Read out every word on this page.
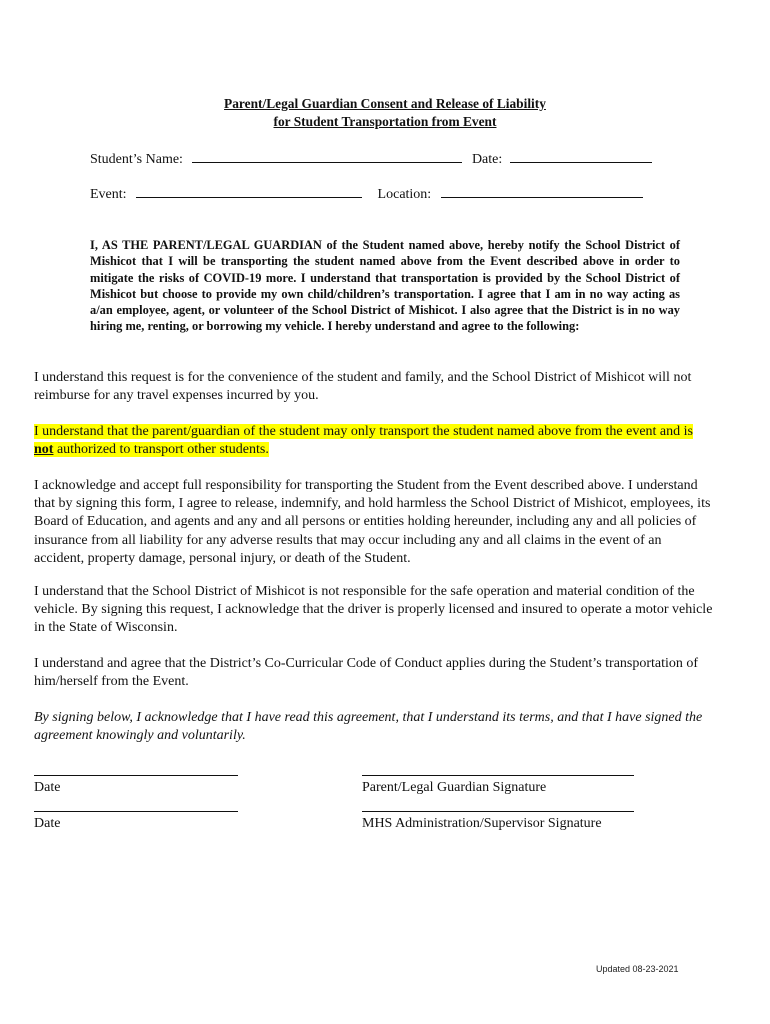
Parent/Legal Guardian Consent and Release of Liability
for Student Transportation from Event
Student’s Name:	Date:
Event:	Location:
I, AS THE PARENT/LEGAL GUARDIAN of the Student named above, hereby notify the School District of Mishicot that I will be transporting the student named above from the Event described above in order to mitigate the risks of COVID-19 more. I understand that transportation is provided by the School District of Mishicot but choose to provide my own child/children’s transportation. I agree that I am in no way acting as a/an employee, agent, or volunteer of the School District of Mishicot. I also agree that the District is in no way hiring me, renting, or borrowing my vehicle. I hereby understand and agree to the following:
I understand this request is for the convenience of the student and family, and the School District of Mishicot will not reimburse for any travel expenses incurred by you.
I understand that the parent/guardian of the student may only transport the student named above from the event and is not authorized to transport other students.
I acknowledge and accept full responsibility for transporting the Student from the Event described above. I understand that by signing this form, I agree to release, indemnify, and hold harmless the School District of Mishicot, employees, its Board of Education, and agents and any and all persons or entities holding hereunder, including any and all policies of insurance from all liability for any adverse results that may occur including any and all claims in the event of an accident, property damage, personal injury, or death of the Student.
I understand that the School District of Mishicot is not responsible for the safe operation and material condition of the vehicle. By signing this request, I acknowledge that the driver is properly licensed and insured to operate a motor vehicle in the State of Wisconsin.
I understand and agree that the District’s Co-Curricular Code of Conduct applies during the Student’s transportation of him/herself from the Event.
By signing below, I acknowledge that I have read this agreement, that I understand its terms, and that I have signed the agreement knowingly and voluntarily.
Date	Parent/Legal Guardian Signature
Date	MHS Administration/Supervisor Signature
Updated 08-23-2021
